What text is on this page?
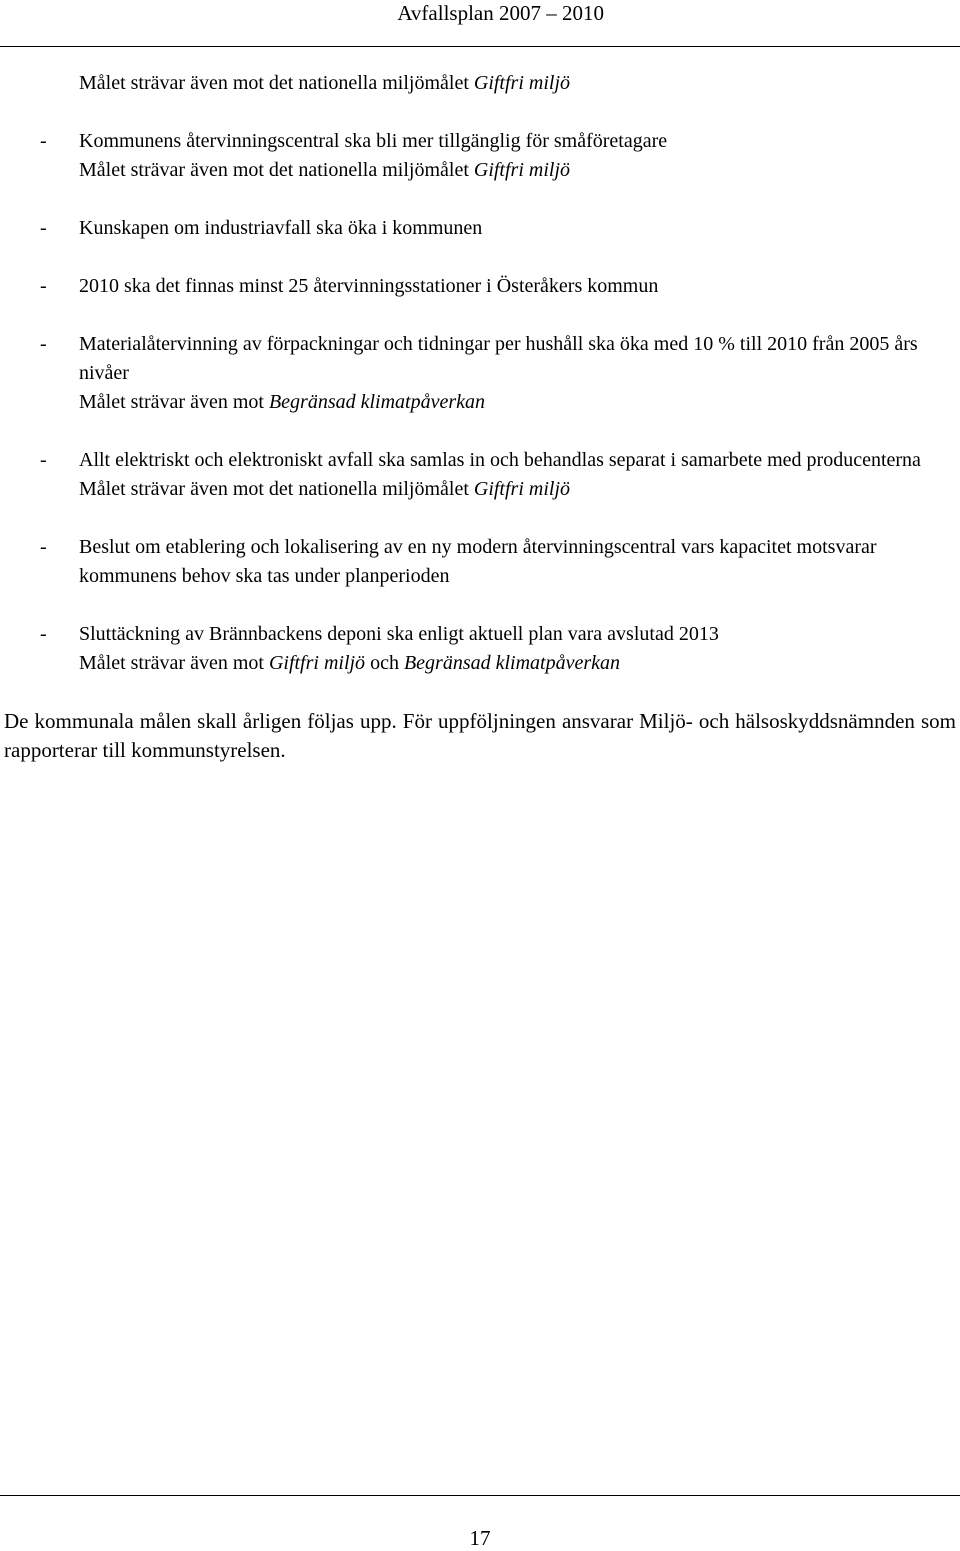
Avfallsplan 2007 – 2010

Målet strävar även mot det nationella miljömålet Giftfri miljö

- Kommunens återvinningscentral ska bli mer tillgänglig för småföretagare
Målet strävar även mot det nationella miljömålet Giftfri miljö
- Kunskapen om industriavfall ska öka i kommunen
- 2010 ska det finnas minst 25 återvinningsstationer i Österåkers kommun
- Materialåtervinning av förpackningar och tidningar per hushåll ska öka med 10 % till 2010 från 2005 års nivåer
Målet strävar även mot Begränsad klimatpåverkan
- Allt elektriskt och elektroniskt avfall ska samlas in och behandlas separat i samarbete med producenterna
Målet strävar även mot det nationella miljömålet Giftfri miljö
- Beslut om etablering och lokalisering av en ny modern återvinningscentral vars kapacitet motsvarar kommunens behov ska tas under planperioden
- Sluttäckning av Brännbackens deponi ska enligt aktuell plan vara avslutad 2013
Målet strävar även mot Giftfri miljö och Begränsad klimatpåverkan

De kommunala målen skall årligen följas upp. För uppföljningen ansvarar Miljö- och hälsoskyddsnämnden som rapporterar till kommunstyrelsen.

17
